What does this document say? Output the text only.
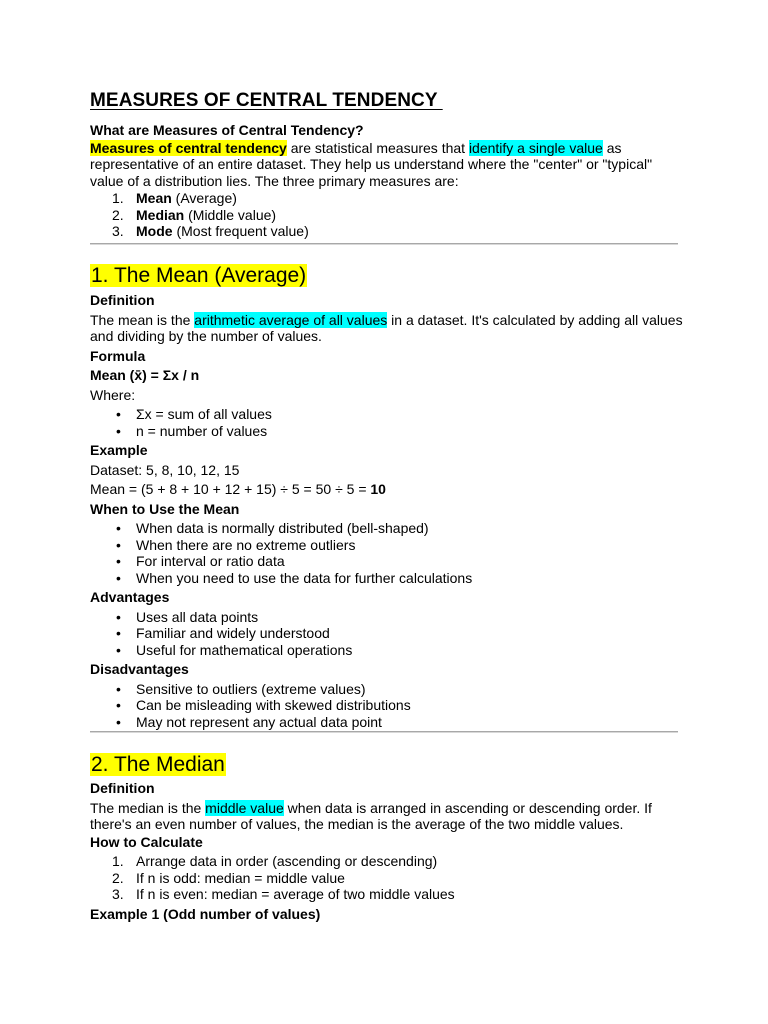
MEASURES OF CENTRAL TENDENCY

What are Measures of Central Tendency?

Measures of central tendency are statistical measures that identify a single value as

representative of an entire dataset. They help us understand where the "center" or "typical"

value of a distribution lies. The three primary measures are:

1. Mean (Average)
2. Median (Middle value)
3. Mode (Most frequent value)
1. The Mean (Average)

Definition

The mean is the arithmetic average of all values in a dataset. It's calculated by adding all values

and dividing by the number of values.

Formula

Mean (x̄) = Σx / n

Where:

• Σx = sum of all values
• n = number of values

Example

Dataset: 5, 8, 10, 12, 15

Mean = (5 + 8 + 10 + 12 + 15) ÷ 5 = 50 ÷ 5 = 10

When to Use the Mean

• When data is normally distributed (bell-shaped)
• When there are no extreme outliers
• For interval or ratio data
• When you need to use the data for further calculations

Advantages

• Uses all data points
• Familiar and widely understood
• Useful for mathematical operations

Disadvantages

• Sensitive to outliers (extreme values)
• Can be misleading with skewed distributions
• May not represent any actual data point
2. The Median

Definition

The median is the middle value when data is arranged in ascending or descending order. If

there's an even number of values, the median is the average of the two middle values.

How to Calculate

1. Arrange data in order (ascending or descending)
2. If n is odd: median = middle value
3. If n is even: median = average of two middle values

Example 1 (Odd number of values)
